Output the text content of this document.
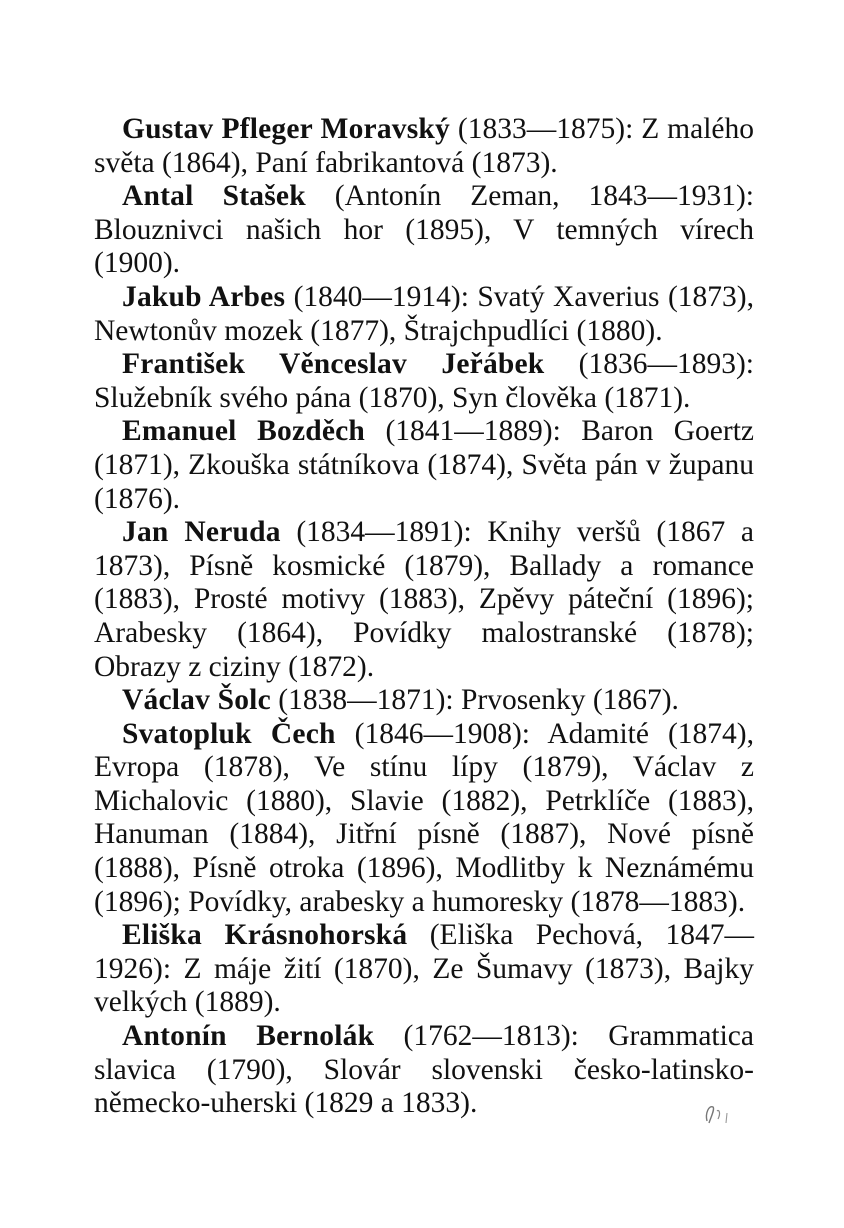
Gustav Pfleger Moravský (1833—1875): Z malého světa (1864), Paní fabrikantová (1873).

Antal Stašek (Antonín Zeman, 1843—1931): Blouznivci našich hor (1895), V temných vírech (1900).

Jakub Arbes (1840—1914): Svatý Xaverius (1873), Newtonův mozek (1877), Štrajchpudlíci (1880).

František Věnceslav Jeřábek (1836—1893): Služebník svého pána (1870), Syn člověka (1871).

Emanuel Bozděch (1841—1889): Baron Goertz (1871), Zkouška státníkova (1874), Světa pán v županu (1876).

Jan Neruda (1834—1891): Knihy veršů (1867 a 1873), Písně kosmické (1879), Ballady a romance (1883), Prosté motivy (1883), Zpěvy páteční (1896); Arabesky (1864), Povídky malostranské (1878); Obrazy z ciziny (1872).

Václav Šolc (1838—1871): Prvosenky (1867).

Svatopluk Čech (1846—1908): Adamité (1874), Evropa (1878), Ve stínu lípy (1879), Václav z Michalovic (1880), Slavie (1882), Petrklíče (1883), Hanuman (1884), Jitřní písně (1887), Nové písně (1888), Písně otroka (1896), Modlitby k Neznámému (1896); Povídky, arabesky a humoresky (1878—1883).

Eliška Krásnohorská (Eliška Pechová, 1847—1926): Z máje žití (1870), Ze Šumavy (1873), Bajky velkých (1889).

Antonín Bernolák (1762—1813): Grammatica slavica (1790), Slovár slovenski česko-latinsko-německo-uherski (1829 a 1833).
